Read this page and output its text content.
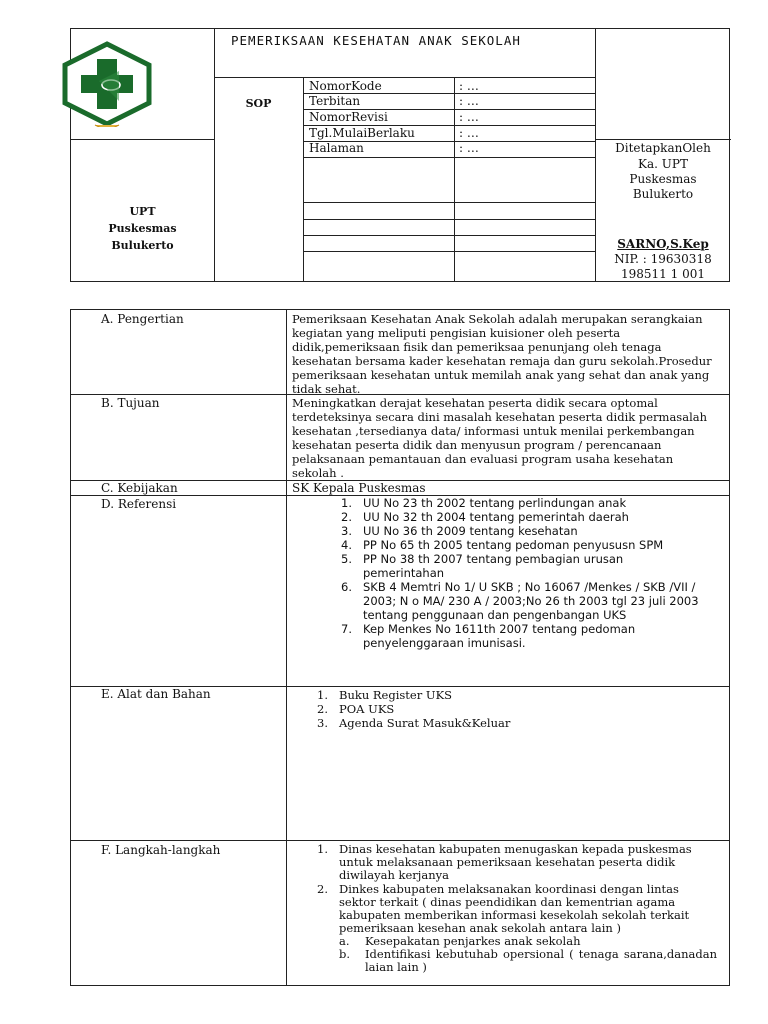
PEMERIKSAAN KESEHATAN ANAK SEKOLAH
SOP
NomorKode	: …
Terbitan	: …
NomorRevisi	: …
Tgl.MulaiBerlaku	: …
Halaman	: …
UPT
Puskesmas
Bulukerto
DitetapkanOleh
Ka. UPT
Puskesmas
Bulukerto
SARNO,S.Kep
NIP. : 19630318
198511 1 001
A. Pengertian	Pemeriksaan Kesehatan Anak Sekolah adalah merupakan serangkaian kegiatan yang meliputi pengisian kuisioner oleh peserta didik,pemeriksaan fisik dan pemeriksaa penunjang oleh tenaga kesehatan bersama kader kesehatan remaja dan guru sekolah.Prosedur pemeriksaan kesehatan untuk memilah anak yang sehat dan anak yang tidak sehat.
B. Tujuan	Meningkatkan derajat kesehatan peserta didik secara optomal terdeteksinya secara dini masalah kesehatan peserta didik permasalah kesehatan ,tersedianya data/ informasi untuk menilai perkembangan kesehatan peserta didik dan menyusun program / perencanaan pelaksanaan pemantauan dan evaluasi program usaha kesehatan sekolah .
C. Kebijakan	SK Kepala Puskesmas
D. Referensi	1. UU No 23 th 2002 tentang perlindungan anak
2. UU No 32 th 2004 tentang pemerintah daerah
3. UU No 36 th 2009 tentang kesehatan
4. PP No 65 th 2005 tentang pedoman penyususn SPM
5. PP No 38 th 2007 tentang pembagian urusan pemerintahan
6. SKB 4 Memtri No 1/ U SKB ; No 16067 /Menkes / SKB /VII / 2003; N o MA/ 230 A / 2003;No 26 th 2003 tgl 23 juli 2003 tentang penggunaan dan pengenbangan UKS
7. Kep Menkes No 1611th 2007 tentang pedoman penyelenggaraan imunisasi.
E. Alat dan Bahan	1. Buku Register UKS
2. POA UKS
3. Agenda Surat Masuk&Keluar
F. Langkah-langkah	1. Dinas kesehatan kabupaten menugaskan kepada puskesmas untuk melaksanaan pemeriksaan kesehatan peserta didik diwilayah kerjanya
2. Dinkes kabupaten melaksanakan koordinasi dengan lintas sektor terkait ( dinas peendidikan dan kementrian agama kabupaten memberikan informasi kesekolah sekolah terkait pemeriksaan kesehan anak sekolah antara lain )
a. Kesepakatan penjarkes anak sekolah
b. Identifikasi kebutuhab opersional ( tenaga sarana,danadan laian lain )
